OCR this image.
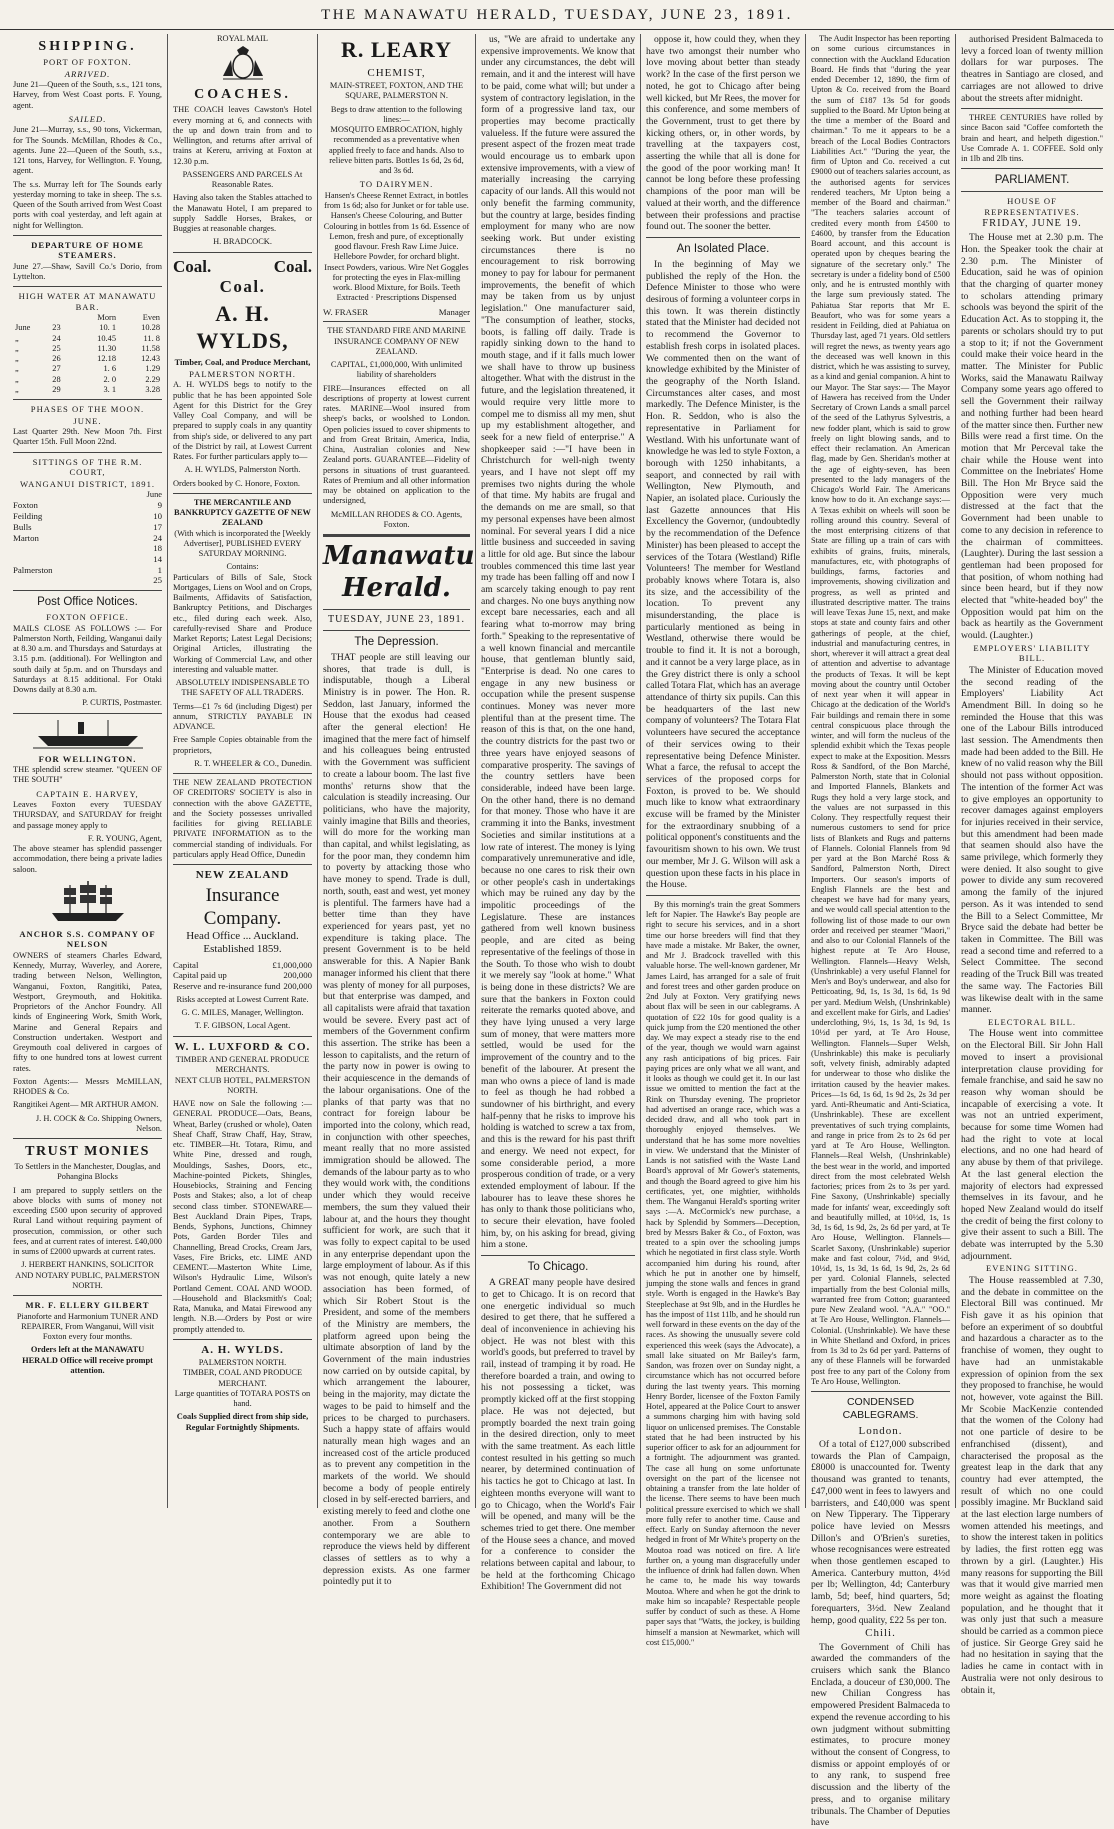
THE MANAWATU HERALD, TUESDAY, JUNE 23, 1891.
SHIPPING.
PORT OF FOXTON.
ARRIVED.
June 21—Queen of the South, s.s., 121 tons, Harvey, from West Coast ports. F. Young, agent.
SAILED.
June 21—Murray, s.s., 90 tons, Vickerman, for The Sounds. McMillan, Rhodes & Co., agents. June 22—Queen of the South, s.s., 121 tons, Harvey, for Wellington. F. Young, agent.
The s.s. Murray left for The Sounds early yesterday morning to take in sheep. The s.s. Queen of the South arrived from West Coast ports with coal yesterday, and left again at night for Wellington.
DEPARTURE OF HOME STEAMERS.
June 27.—Shaw, Savill Co.'s Dorio, from Lyttelton.
HIGH WATER AT MANAWATU BAR.
		Morn	Even
June	23	10. 1	10.28
„	24	10.45	11. 8
„	25	11.30	11.58
„	26	12.18	12.43
„	27	1. 6	1.29
„	28	2. 0	2.29
„	29	3. 1	3.28
PHASES OF THE MOON.
JUNE.
Last Quarter 29th. New Moon 7th. First Quarter 15th. Full Moon 22nd.
SITTINGS OF THE R.M. COURT,
WANGANUI DISTRICT, 1891.
June
Foxton	9
Feilding	10
Bulls	17
Marton	24
18
14
Palmerston	1
25
Post Office Notices.
FOXTON OFFICE.
MAILS CLOSE AS FOLLOWS :— For Palmerston North, Feilding, Wanganui daily at 8.30 a.m. and Thursdays and Saturdays at 3.15 p.m. (additional). For Wellington and south daily at 5p.m. and on Thursdays and Saturdays at 8.15 additional. For Otaki Downs daily at 8.30 a.m.
P. CURTIS, Postmaster.
FOR WELLINGTON.
THE splendid screw steamer. "QUEEN OF THE SOUTH"
CAPTAIN E. HARVEY,
Leaves Foxton every TUESDAY THURSDAY, and SATURDAY for freight and passage money apply to
F. R. YOUNG, Agent,
The above steamer has splendid passenger accommodation, there being a private ladies saloon.
ANCHOR S.S. COMPANY OF NELSON
OWNERS of steamers Charles Edward, Kennedy, Murray, Waverley, and Aorere, trading between Nelson, Wellington, Wanganui, Foxton, Rangitiki, Patea, Westport, Greymouth, and Hokitika. Proprietors of the Anchor Foundry. All kinds of Engineering Work, Smith Work, Marine and General Repairs and Construction undertaken. Westport and Greymouth coal delivered in cargoes of fifty to one hundred tons at lowest current rates.
Foxton Agents:— Messrs McMILLAN, RHODES & Co.
Rangitikei Agent— MR ARTHUR AMON.
J. H. COCK & Co. Shipping Owners, Nelson.
TRUST MONIES
To Settlers in the Manchester, Douglas, and Pohangina Blocks
I am prepared to supply settlers on the above blocks with sums of money not exceeding £500 upon security of approved Rural Land without requiring payment of prosecution, commission, or other such fees, and at current rates of interest. £40,000 in sums of £2000 upwards at current rates.
J. HERBERT HANKINS, SOLICITOR AND NOTARY PUBLIC, PALMERSTON NORTH.
MR. F. ELLERY GILBERT
Pianoforte and Harmonium TUNER AND REPAIRER, From Wanganui, Will visit Foxton every four months.
Orders left at the MANAWATU HERALD Office will receive prompt attention.
ROYAL MAIL
COACHES.
THE COACH leaves Cawston's Hotel every morning at 6, and connects with the up and down train from and to Wellington, and returns after arrival of trains at Kereru, arriving at Foxton at 12.30 p.m.
PASSENGERS AND PARCELS At Reasonable Rates.
Having also taken the Stables attached to the Manawatu Hotel, I am prepared to supply Saddle Horses, Brakes, or Buggies at reasonable charges.
H. BRADCOCK.
Coal.	Coal.
Coal.
A. H. WYLDS,
Timber, Coal, and Produce Merchant,
PALMERSTON NORTH.
A. H. WYLDS begs to notify to the public that he has been appointed Sole Agent for this District for the Grey Valley Coal Company, and will be prepared to supply coals in any quantity from ship's side, or delivered to any part of the District by rail, at Lowest Current Rates. For further particulars apply to—
A. H. WYLDS, Palmerston North.
Orders booked by C. Honore, Foxton.
THE MERCANTILE AND BANKRUPTCY GAZETTE OF NEW ZEALAND
(With which is incorporated the [Weekly Advertiser], PUBLISHED EVERY SATURDAY MORNING.
Contains:
Particulars of Bills of Sale, Stock Mortgages, Liens on Wool and on Crops, Bailments, Affidavits of Satisfaction, Bankruptcy Petitions, and Discharges etc., filed during each week. Also, carefully-revised Share and Produce Market Reports; Latest Legal Decisions; Original Articles, illustrating the Working of Commercial Law, and other interesting and valuable matter.
ABSOLUTELY INDISPENSABLE TO THE SAFETY OF ALL TRADERS.
Terms—£1 7s 6d (including Digest) per annum, STRICTLY PAYABLE IN ADVANCE.
Free Sample Copies obtainable from the proprietors,
R. T. WHEELER & CO., Dunedin.
THE NEW ZEALAND PROTECTION OF CREDITORS' SOCIETY is also in connection with the above GAZETTE, and the Society possesses unrivalled facilities for giving RELIABLE PRIVATE INFORMATION as to the commercial standing of individuals. For particulars apply Head Office, Dunedin
NEW ZEALAND
Insurance Company.
Head Office ... Auckland.
Established 1859.
Capital	£1,000,000
Capital paid up	200,000
Reserve and re-insurance fund 200,000
Risks accepted at Lowest Current Rate.
G. C. MILES, Manager, Wellington.
T. F. GIBSON, Local Agent.
W. L. LUXFORD & CO.
TIMBER AND GENERAL PRODUCE MERCHANTS.
NEXT CLUB HOTEL, PALMERSTON NORTH.
HAVE now on Sale the following :— GENERAL PRODUCE—Oats, Beans, Wheat, Barley (crushed or whole), Oaten Sheaf Chaff, Straw Chaff, Hay, Straw, etc. TIMBER—Ht. Totara, Rimu, and White Pine, dressed and rough, Mouldings, Sashes, Doors, etc., Machine-pointed Pickets, Shingles, Housebiocks, Straining and Fencing Posts and Stakes; also, a lot of cheap second class timber. STONEWARE—Best Auckland Drain Pipes, Traps, Bends, Syphons, Junctions, Chimney Pots, Garden Border Tiles and Channelling, Bread Crocks, Cream Jars, Vases, Fire Bricks, etc. LIME AND CEMENT.—Masterton White Lime, Wilson's Hydraulic Lime, Wilson's Portland Cement. COAL AND WOOD.—Household and Blacksmith's Coal; Rata, Manuka, and Matai Firewood any length. N.B.—Orders by Post or wire promptly attended to.
A. H. WYLDS.
PALMERSTON NORTH.
TIMBER, COAL AND PRODUCE MERCHANT.
Large quantities of TOTARA POSTS on hand.
Coals Supplied direct from ship side,
Regular Fortnightly Shipments.
R. LEARY
CHEMIST,
MAIN-STREET, FOXTON, AND THE SQUARE, PALMERSTON N.
Begs to draw attention to the following lines:—
MOSQUITO EMBROCATION, highly recommended as a preventative when applied freely to face and hands. Also to relieve bitten parts. Bottles 1s 6d, 2s 6d, and 3s 6d.
TO DAIRYMEN.
Hansen's Cheese Rennet Extract, in bottles from 1s 6d; also for Junket or for table use. Hansen's Cheese Colouring, and Butter Colouring in bottles from 1s 6d. Essence of Lemon, fresh and pure, of exceptionally good flavour. Fresh Raw Lime Juice. Hellebore Powder, for orchard blight. Insect Powders, various. Wire Net Goggles for protecting the eyes in Flax-milling work. Blood Mixture, for Boils. Teeth Extracted · Prescriptions Dispensed
W. FRASER	Manager
THE STANDARD FIRE AND MARINE INSURANCE COMPANY OF NEW ZEALAND.
CAPITAL, £1,000,000, With unlimited liability of shareholders
FIRE—Insurances effected on all descriptions of property at lowest current rates. MARINE—Wool insured from sheep's backs, or woolshed to London. Open policies issued to cover shipments to and from Great Britain, America, India, China, Australian colonies and New Zealand ports. GUARANTEE—Fidelity of persons in situations of trust guaranteed. Rates of Premium and all other information may be obtained on application to the undersigned,
McMILLAN RHODES & CO. Agents, Foxton.
Manawatu Herald.
TUESDAY, JUNE 23, 1891.
The Depression.
THAT people are still leaving our shores, that trade is dull, is indisputable, though a Liberal Ministry is in power. The Hon. R. Seddon, last January, informed the House that the exodus had ceased after the general election! He imagined that the mere fact of himself and his colleagues being entrusted with the Government was sufficient to create a labour boom. The last five months' returns show that the calculation is steadily increasing. Our politicians, who have the majority, vainly imagine that Bills and theories, will do more for the working man than capital, and whilst legislating, as for the poor man, they condemn him to poverty by attacking those who have money to spend. Trade is dull, north, south, east and west, yet money is plentiful. The farmers have had a better time than they have experienced for years past, yet no expenditure is taking place. The present Government is to be held answerable for this. A Napier Bank manager informed his client that there was plenty of money for all purposes, but that enterprise was damped, and all capitalists were afraid that taxation would be severe. Every past act of members of the Government confirm this assertion. The strike has been a lesson to capitalists, and the return of the party now in power is owing to their acquiescence in the demands of the labour organisations. One of the planks of that party was that no contract for foreign labour be imported into the colony, which read, in conjunction with other speeches, meant really that no more assisted immigration should be allowed. The demands of the labour party as to who they would work with, the conditions under which they would receive members, the sum they valued their labour at, and the hours they thought sufficient for work, are such that it was folly to expect capital to be used in any enterprise dependant upon the large employment of labour. As if this was not enough, quite lately a new association has been formed, of which Sir Robert Stout is the President, and some of the members of the Ministry are members, the platform agreed upon being the ultimate absorption of land by the Government of the main industries now carried on by outside capital, by which arrangement the labourer, being in the majority, may dictate the wages to be paid to himself and the prices to be charged to purchasers. Such a happy state of affairs would naturally mean high wages and an increased cost of the article produced as to prevent any competition in the markets of the world. We should become a body of people entirely closed in by self-erected barriers, and existing merely to feed and clothe one another. From a Southern contemporary we are able to reproduce the views held by different classes of settlers as to why a depression exists. As one farmer pointedly put it to
us, "We are afraid to undertake any expensive improvements. We know that under any circumstances, the debt will remain, and it and the interest will have to be paid, come what will; but under a system of contractory legislation, in the form of a progressive land tax, our properties may become practically valueless. If the future were assured the present aspect of the frozen meat trade would encourage us to embark upon extensive improvements, with a view of materially increasing the carrying capacity of our lands. All this would not only benefit the farming community, but the country at large, besides finding employment for many who are now seeking work. But under existing circumstances there is no encouragement to risk borrowing money to pay for labour for permanent improvements, the benefit of which may be taken from us by unjust legislation." One manufacturer said, "The consumption of leather, stocks, boots, is falling off daily. Trade is rapidly sinking down to the hand to mouth stage, and if it falls much lower we shall have to throw up business altogether. What with the distrust in the future, and the legislation threatened, it would require very little more to compel me to dismiss all my men, shut up my establishment altogether, and seek for a new field of enterprise." A shopkeeper said :—"I have been in Christchurch for well-nigh twenty years, and I have not slept off my premises two nights during the whole of that time. My habits are frugal and the demands on me are small, so that my personal expenses have been almost nominal. For several years I did a nice little business and succeeded in saving a little for old age. But since the labour troubles commenced this time last year my trade has been falling off and now I am scarcely taking enough to pay rent and charges. No one buys anything now except bare necessaries, each and all fearing what to-morrow may bring forth." Speaking to the representative of a well known financial and mercantile house, that gentleman bluntly said, "Enterprise is dead. No one cares to engage in any new business or occupation while the present suspense continues. Money was never more plentiful than at the present time. The reason of this is that, on the one hand, the country districts for the past two or three years have enjoyed seasons of comparative prosperity. The savings of the country settlers have been considerable, indeed have been large. On the other hand, there is no demand for that money. Those who have it are cramming it into the Banks, investment Societies and similar institutions at a low rate of interest. The money is lying comparatively unremunerative and idle, because no one cares to risk their own or other people's cash in undertakings which may be ruined any day by the impolitic proceedings of the Legislature. These are instances gathered from well known business people, and are cited as being representative of the feelings of those in the South. To those who wish to doubt it we merely say "look at home." What is being done in these districts? We are sure that the bankers in Foxton could reiterate the remarks quoted above, and they have lying unused a very large sum of money, that were matters more settled, would be used for the improvement of the country and to the benefit of the labourer. At present the man who owns a piece of land is made to feel as though he had robbed a sundowner of his birthright, and every half-penny that he risks to improve his holding is watched to screw a tax from, and this is the reward for his past thrift and energy. We need not expect, for some considerable period, a more prosperous condition of trade, or a very extended employment of labour. If the labourer has to leave these shores he has only to thank those politicians who, to secure their elevation, have fooled him, by, on his asking for bread, giving him a stone.
To Chicago.
A GREAT many people have desired to get to Chicago. It is on record that one energetic individual so much desired to get there, that he suffered a deal of inconvenience in achieving his object. He was not blest with this world's goods, but preferred to travel by rail, instead of tramping it by road. He therefore boarded a train, and owing to his not possessing a ticket, was promptly kicked off at the first stopping place. He was not dejected, but promptly boarded the next train going in the desired direction, only to meet with the same treatment. As each little contest resulted in his getting so much nearer, by determined continuation of his tactics he got to Chicago at last. In eighteen months everyone will want to go to Chicago, when the World's Fair will be opened, and many will be the schemes tried to get there. One member of the House sees a chance, and moved for a conference to consider the relations between capital and labour, to be held at the forthcoming Chicago Exhibition! The Government did not
oppose it, how could they, when they have two amongst their number who love moving about better than steady work? In the case of the first person we noted, he got to Chicago after being well kicked, but Mr Rees, the mover for this conference, and some members of the Government, trust to get there by kicking others, or, in other words, by travelling at the taxpayers cost, asserting the while that all is done for the good of the poor working man! It cannot be long before these professing champions of the poor man will be valued at their worth, and the difference between their professions and practise found out. The sooner the better.
An Isolated Place.
In the beginning of May we published the reply of the Hon. the Defence Minister to those who were desirous of forming a volunteer corps in this town. It was therein distinctly stated that the Minister had decided not to recommend the Governor to establish fresh corps in isolated places. We commented then on the want of knowledge exhibited by the Minister of the geography of the North Island. Circumstances alter cases, and most markedly. The Defence Minister, is the Hon. R. Seddon, who is also the representative in Parliament for Westland. With his unfortunate want of knowledge he was led to style Foxton, a borough with 1250 inhabitants, a seaport, and connected by rail with Wellington, New Plymouth, and Napier, an isolated place. Curiously the last Gazette announces that His Excellency the Governor, (undoubtedly by the recommendation of the Defence Minister) has been pleased to accept the services of the Totara (Westland) Rifle Volunteers! The member for Westland probably knows where Totara is, also its size, and the accessibility of the location. To prevent any misunderstanding, the place is particularly mentioned as being in Westland, otherwise there would be trouble to find it. It is not a borough, and it cannot be a very large place, as in the Grey district there is only a school called Totara Flat, which has an average attendance of thirty six pupils. Can this be headquarters of the last new company of volunteers? The Totara Flat volunteers have secured the acceptance of their services owing to their representative being Defence Minister. What a farce, the refusal to accept the services of the proposed corps for Foxton, is proved to be. We should much like to know what extraordinary excuse will be framed by the Minister for the extraordinary snubbing of a political opponent's constituents and the favouritism shown to his own. We trust our member, Mr J. G. Wilson will ask a question upon these facts in his place in the House.
By this morning's train the great Sommers left for Napier. The Hawke's Bay people are right to secure his services, and in a short time our horse breeders will find that they have made a mistake. Mr Baker, the owner, and Mr J. Bradcock travelled with this valuable horse. The well-known gardener, Mr James Laird, has arranged for a sale of fruit and forest trees and other garden produce on 2nd July at Foxton. Very gratifying news about flax will be seen in our cablegrams. A quotation of £22 10s for good quality is a quick jump from the £20 mentioned the other day. We may expect a steady rise to the end of the year, though we would warn against any rash anticipations of big prices. Fair paying prices are only what we all want, and it looks as though we could get it. In our last issue we omitted to mention the fact at the Rink on Thursday evening. The proprietor had advertised an orange race, which was a decided draw, and all who took part in thoroughly enjoyed themselves. We understand that he has some more novelties in view. We understand that the Minister of Lands is not satisfied with the Waste Land Board's approval of Mr Gower's statements, and though the Board agreed to give him his certificates, yet, one mightier, withholds them. The Wanganui Herald's sporting writer says :—A. McCormick's new purchase, a hack by Splendid by Sommers—Deception, bred by Messrs Baker & Co., of Foxton, was treated to a spin over the schooling jumps which he negotiated in first class style. Worth accompanied him during his round, after which he put in another one by himself, jumping the stone walls and fences in grand style. Worth is engaged in the Hawke's Bay Steeplechase at 9st 9lb, and in the Hurdles he has the impost of 11st 11lb, and he should run well forward in these events on the day of the races. As showing the unusually severe cold experienced this week (says the Advocate), a small lake situated on Mr Bailey's farm, Sandon, was frozen over on Sunday night, a circumstance which has not occurred before during the last twenty years. This morning Henry Border, licensee of the Foxton Family Hotel, appeared at the Police Court to answer a summons charging him with having sold liquor on unlicensed premises. The Constable stated that he had been instructed by his superior officer to ask for an adjournment for a fortnight. The adjournment was granted. The case all hung on some unfortunate oversight on the part of the licensee not obtaining a transfer from the late holder of the license. There seems to have been much political pressure exercised to which we shall more fully refer to another time. Cause and effect. Early on Sunday afternoon the never hedged in front of Mr White's property on the Moutoa road was noticed on fire. A lit'e further on, a young man disgracefully under the influence of drink had fallen down. When he came to, he made his way towards Moutoa. Where and when he got the drink to make him so incapable? Respectable people suffer by conduct of such as these. A Home paper says that "Watts, the jockey, is building himself a mansion at Newmarket, which will cost £15,000."
The Audit Inspector has been reporting on some curious circumstances in connection with the Auckland Education Board. He finds that "during the year ended December 12, 1890, the firm of Upton & Co. received from the Board the sum of £187 13s 5d for goods supplied to the Board. Mr Upton being at the time a member of the Board and chairman." To me it appears to be a breach of the Local Bodies Contractors Liabilities Act." "During the year, the firm of Upton and Co. received a cut £9000 out of teachers salaries account, as the authorised agents for services rendered teachers, Mr Upton being a member of the Board and chairman." "The teachers salaries account of credited every month from £4500 to £4600, by transfer from the Education Board account, and this account is operated upon by cheques bearing the signature of the secretary only." The secretary is under a fidelity bond of £500 only, and he is entrusted monthly with the large sum previously stated. The Pahiatua Star reports that Mr E. Beaufort, who was for some years a resident in Feilding, died at Pahiatua on Thursday last, aged 71 years. Old settlers will regret the news, as twenty years ago the deceased was well known in this district, which he was assisting to survey, as a kind and genial companion. A hint to our Mayor. The Star says:— The Mayor of Hawera has received from the Under Secretary of Crown Lands a small parcel of the seed of the Lathyrus Sylvestris, a new fodder plant, which is said to grow freely on light blowing sands, and to effect their reclamation. An American flag, made by Gen. Sheridan's mother at the age of eighty-seven, has been presented to the lady managers of the Chicago's World Fair. The Americans know how to do it. An exchange says:—A Texas exhibit on wheels will soon be rolling around this country. Several of the most enterprising citizens of that State are filling up a train of cars with exhibits of grains, fruits, minerals, manufactures, etc, with photographs of buildings, farms, factories and improvements, showing civilization and progress, as well as printed and illustrated descriptive matter. The trains will leave Texas June 15, next, and make stops at state and county fairs and other gatherings of people, at the chief, industrial and manufacturing centres, in short, wherever it will attract a great deal of attention and advertise to advantage the products of Texas. It will be kept moving about the country until October of next year when it will appear in Chicago at the dedication of the World's Fair buildings and remain there in some central conspicuous place through the winter, and will form the nucleus of the splendid exhibit which the Texas people expect to make at the Exposition. Messrs Ross & Sandford, of the Bon Marché, Palmerston North, state that in Colonial and Imported Flannels, Blankets and Rugs they hold a very large stock, and the values are not surpassed in this Colony. They respectfully request their numerous customers to send for price lists of Blankets and Rugs and patterns of Flannels. Colonial Flannels from 9d per yard at the Bon Marché Ross & Sandford, Palmerston North, Direct Importers. Our season's imports of English Flannels are the best and cheapest we have had for many years, and we would call special attention to the following list of those made to our own order and received per steamer "Maori," and also to our Colonial Flannels of the highest repute at Te Aro House, Wellington. Flannels—Heavy Welsh, (Unshrinkable) a very useful Flannel for Men's and Boy's underwear, and also for Petticoating, 9d, 1s, 1s 3d, 1s 6d, 1s 9d per yard. Medium Welsh, (Unshrinkable) and excellent make for Girls, and Ladies' underclothing, 9½, 1s, 1s 3d, 1s 9d, 1s 10½d per yard, at Te Aro House, Wellington. Flannels—Super Welsh, (Unshrinkable) this make is peculiarly soft, velvety finish, admirably adapted for underwear to those who dislike the irritation caused by the heavier makes. Prices—1s 6d, 1s 6d, 1s 9d 2s, 2s 3d per yard. Anti-Rheumatic and Anti-Sciatica, (Unshrinkable). These are excellent preventatives of such trying complaints, and range in price from 2s to 2s 6d per yard at Te Aro House, Wellington. Flannels—Real Welsh, (Unshrinkable) the best wear in the world, and imported direct from the most celebrated Welsh factories; prices from 2s to 3s per yard. Fine Saxony, (Unshrinkable) specially made for infants' wear, exceedingly soft and beautifully milled, at 10½d, 1s, 1s 3d, 1s 6d, 1s 9d, 2s, 2s 6d per yard, at Te Aro House, Wellington. Flannels—Scarlet Saxony, (Unshrinkable) superior make and fast colour, 7½d, and 9½d, 10½d, 1s, 1s 3d, 1s 6d, 1s 9d, 2s, 2s 6d per yard. Colonial Flannels, selected impartially from the best Colonial mills, warranted free from Cotton; guaranteed pure New Zealand wool. "A.A." "OO." at Te Aro House, Wellington. Flannels—Colonial. (Unshrinkable). We have these in White Shetland and Oxford, in prices from 1s 3d to 2s 6d per yard. Patterns of any of these Flannels will be forwarded post free to any part of the Colony from Te Aro House, Wellington.
CONDENSED CABLEGRAMS.
London.
Of a total of £127,000 subscribed towards the Plan of Campaign, £8000 is unaccounted for. Twenty thousand was granted to tenants, £47,000 went in fees to lawyers and barristers, and £40,000 was spent on New Tipperary. The Tipperary police have levied on Messrs Dillon's and O'Brien's sureties, whose recognisances were estreated when those gentlemen escaped to America. Canterbury mutton, 4½d per lb; Wellington, 4d; Canterbury lamb, 5d; beef, hind quarters, 5d; forequarters, 3½d. New Zealand hemp, good quality, £22 5s per ton.
Chili.
The Government of Chili has awarded the commanders of the cruisers which sank the Blanco Enclada, a douceur of £30,000. The new Chilian Congress has empowered President Balmaceda to expend the revenue according to his own judgment without submitting estimates, to procure money without the consent of Congress, to dismiss or appoint employés of or to any rank, to suspend free discussion and the liberty of the press, and to organise military tribunals. The Chamber of Deputies have
authorised President Balmaceda to levy a forced loan of twenty million dollars for war purposes. The theatres in Santiago are closed, and carriages are not allowed to drive about the streets after midnight.
THREE CENTURIES have rolled by since Bacon said "Coffee comforteth the brain and heart, and helpeth digestion." Use Comrade A. 1. COFFEE. Sold only in 1lb and 2lb tins.
PARLIAMENT.
HOUSE OF REPRESENTATIVES.
FRIDAY, JUNE 19.
The House met at 2.30 p.m. The Hon. the Speaker took the chair at 2.30 p.m. The Minister of Education, said he was of opinion that the charging of quarter money to scholars attending primary schools was beyond the spirit of the Education Act. As to stopping it, the parents or scholars should try to put a stop to it; if not the Government could make their voice heard in the matter. The Minister for Public Works, said the Manawatu Railway Company some years ago offered to sell the Government their railway and nothing further had been heard of the matter since then. Further new Bills were read a first time. On the motion that Mr Perceval take the chair while the House went into Committee on the Inebriates' Home Bill. The Hon Mr Bryce said the Opposition were very much distressed at the fact that the Government had been unable to come to any decision in reference to the chairman of committees. (Laughter). During the last session a gentleman had been proposed for that position, of whom nothing had since been heard, but if they now elected that "white-headed boy" the Opposition would pat him on the back as heartily as the Government would. (Laughter.)
EMPLOYERS' LIABILITY BILL.
The Minister of Education moved the second reading of the Employers' Liability Act Amendment Bill. In doing so he reminded the House that this was one of the Labour Bills introduced last session. The Amendments then made had been added to the Bill. He knew of no valid reason why the Bill should not pass without opposition. The intention of the former Act was to give employes an opportunity to recover damages against employers for injuries received in their service, but this amendment had been made that seamen should also have the same privilege, which formerly they were denied. It also sought to give power to divide any sum recovered among the family of the injured person. As it was intended to send the Bill to a Select Committee, Mr Bryce said the debate had better be taken in Committee. The Bill was read a second time and referred to a Select Committee. The second reading of the Truck Bill was treated the same way. The Factories Bill was likewise dealt with in the same manner.
ELECTORAL BILL.
The House went into committee on the Electoral Bill. Sir John Hall moved to insert a provisional interpretation clause providing for female franchise, and said he saw no reason why woman should be incapable of exercising a vote. It was not an untried experiment, because for some time Women had had the right to vote at local elections, and no one had heard of any abuse by them of that privilege. At the last general election the majority of electors had expressed themselves in its favour, and he hoped New Zealand would do itself the credit of being the first colony to give their assent to such a Bill. The debate was interrupted by the 5.30 adjournment.
EVENING SITTING.
The House reassembled at 7.30, and the debate in committee on the Electoral Bill was continued. Mr Fish gave it as his opinion that before an experiment of so doubtful and hazardous a character as to the franchise of women, they ought to have had an unmistakable expression of opinion from the sex they proposed to franchise, he would not, however, vote against the Bill. Mr Scobie MacKenzie contended that the women of the Colony had not one particle of desire to be enfranchised (dissent), and characterised the proposal as the greatest leap in the dark that any country had ever attempted, the result of which no one could possibly imagine. Mr Buckland said at the last election large numbers of women attended his meetings, and to show the interest taken in politics by ladies, the first rotten egg was thrown by a girl. (Laughter.) His many reasons for supporting the Bill was that it would give married men more weight as against the floating population, and he thought that it was only just that such a measure should be carried as a common piece of justice. Sir George Grey said he had no hesitation in saying that the ladies he came in contact with in Australia were not only desirous to obtain it,
